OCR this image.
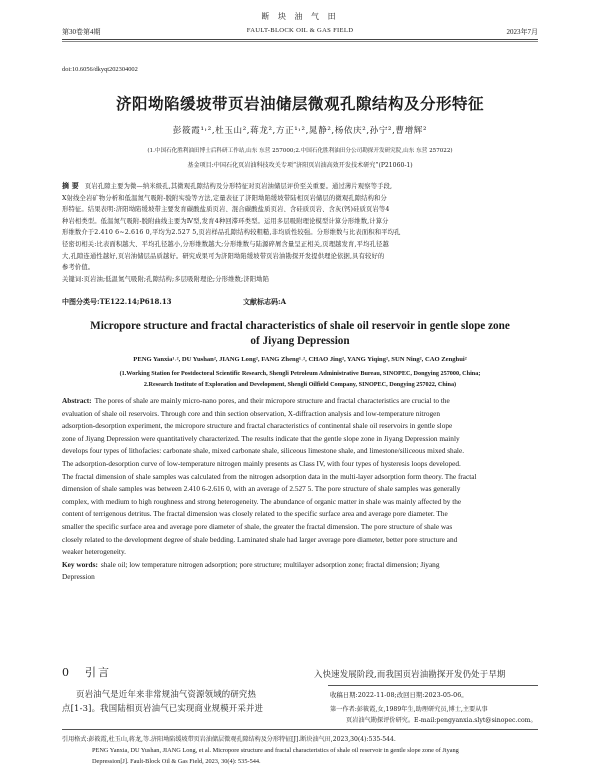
断 块 油 气 田
第30卷第4期	FAULT-BLOCK OIL & GAS FIELD	2023年7月
doi:10.6056/dkyqt202304002
济阳坳陷缓坡带页岩油储层微观孔隙结构及分形特征
彭筱霞¹˒²,杜玉山²,蒋龙²,方正¹˒²,晁静²,杨依庆²,孙宁²,曹增辉²
(1.中国石化胜利油田博士后科研工作站,山东 东营 257000;2.中国石化胜利油田分公司勘探开发研究院,山东 东营 257022)
基金项目:中国石化页岩油科技攻关专项“济阳页岩油高效开发技术研究”(P21060-1)
摘 要 页岩孔隙主要为微—纳米级孔,其微观孔隙结构及分形特征对页岩油储层评价至关重要。通过薄片观察等手段,
X射线全岩矿物分析和低温氮气吸附-脱附实验等方法,定量表征了济阳坳陷缓坡带陆相页岩储层的微观孔隙结构和分
形特征。结果表明:济阳坳陷缓坡带主要发育碳酸盐质页岩、混合碳酸盐质页岩、含硅质页岩、含灰(钙)硅质页岩等4
种岩相类型。低温氮气吸附-脱附曲线主要为Ⅳ型,发育4种回滞环类型。运用多层吸附理论模型计算分形维数,计算分
形维数介于2.410 6~2.616 0,平均为2.527 5,页岩样品孔隙结构较粗糙,非均质性较强。分形维数与比表面积和平均孔
径密切相关:比表面积越大、平均孔径越小,分形维数越大;分形维数与陆源碎屑含量呈正相关,页理越发育,平均孔径越
大,孔隙连通性越好,页岩油储层品质越好。研究成果可为济阳坳陷缓坡带页岩油勘探开发提供理论依据,具有较好的
参考价值。
关键词:页岩油;低温氮气吸附;孔隙结构;多层吸附理论;分形维数;济阳坳陷
中图分类号:TE122.14;P618.13	文献标志码:A
Micropore structure and fractal characteristics of shale oil reservoir in gentle slope zone
of Jiyang Depression
PENG Yanxia¹˒², DU Yushan², JIANG Long², FANG Zheng¹˒², CHAO Jing², YANG Yiqing², SUN Ning², CAO Zenghui²
(1.Working Station for Postdoctoral Scientific Research, Shengli Petroleum Administrative Bureau, SINOPEC, Dongying 257000, China;
2.Research Institute of Exploration and Development, Shengli Oilfield Company, SINOPEC, Dongying 257022, China)
Abstract: The pores of shale are mainly micro-nano pores, and their micropore structure and fractal characteristics are crucial to the
evaluation of shale oil reservoirs. Through core and thin section observation, X-diffraction analysis and low-temperature nitrogen
adsorption-desorption experiment, the micropore structure and fractal characteristics of continental shale oil reservoirs in gentle slope
zone of Jiyang Depression were quantitatively characterized. The results indicate that the gentle slope zone in Jiyang Depression mainly
develops four types of lithofacies: carbonate shale, mixed carbonate shale, siliceous limestone shale, and limestone/siliceous mixed shale.
The adsorption-desorption curve of low-temperature nitrogen mainly presents as Class IV, with four types of hysteresis loops developed.
The fractal dimension of shale samples was calculated from the nitrogen adsorption data in the multi-layer adsorption form theory. The fractal
dimension of shale samples was between 2.410 6-2.616 0, with an average of 2.527 5. The pore structure of shale samples was generally
complex, with medium to high roughness and strong heterogeneity. The abundance of organic matter in shale was mainly affected by the
content of terrigenous detritus. The fractal dimension was closely related to the specific surface area and average pore diameter. The
smaller the specific surface area and average pore diameter of shale, the greater the fractal dimension. The pore structure of shale was
closely related to the development degree of shale bedding. Laminated shale had larger average pore diameter, better pore structure and
weaker heterogeneity.
Key words: shale oil; low temperature nitrogen adsorption; pore structure; multilayer adsorption zone; fractal dimension; Jiyang
Depression
0 引言
页岩油气是近年来非常规油气资源领域的研究热
点[1-3]。我国陆相页岩油气已实现商业规模开采并进
入快速发展阶段,而我国页岩油勘探开发仍处于早期
收稿日期:2022-11-08;改回日期:2023-05-06。
第一作者:彭筱霞,女,1989年生,助理研究员,博士,主要从事
页岩油气勘探评价研究。E-mail:pengyanxia.slyt@sinopec.com。
引用格式:彭筱霞,杜玉山,蒋龙,等.济阳坳陷缓坡带页岩油储层微观孔隙结构及分形特征[J].断块油气田,2023,30(4):535-544.
PENG Yanxia, DU Yushan, JIANG Long, et al. Micropore structure and fractal characteristics of shale oil reservoir in gentle slope zone of Jiyang
Depression[J]. Fault-Block Oil & Gas Field, 2023, 30(4): 535-544.
